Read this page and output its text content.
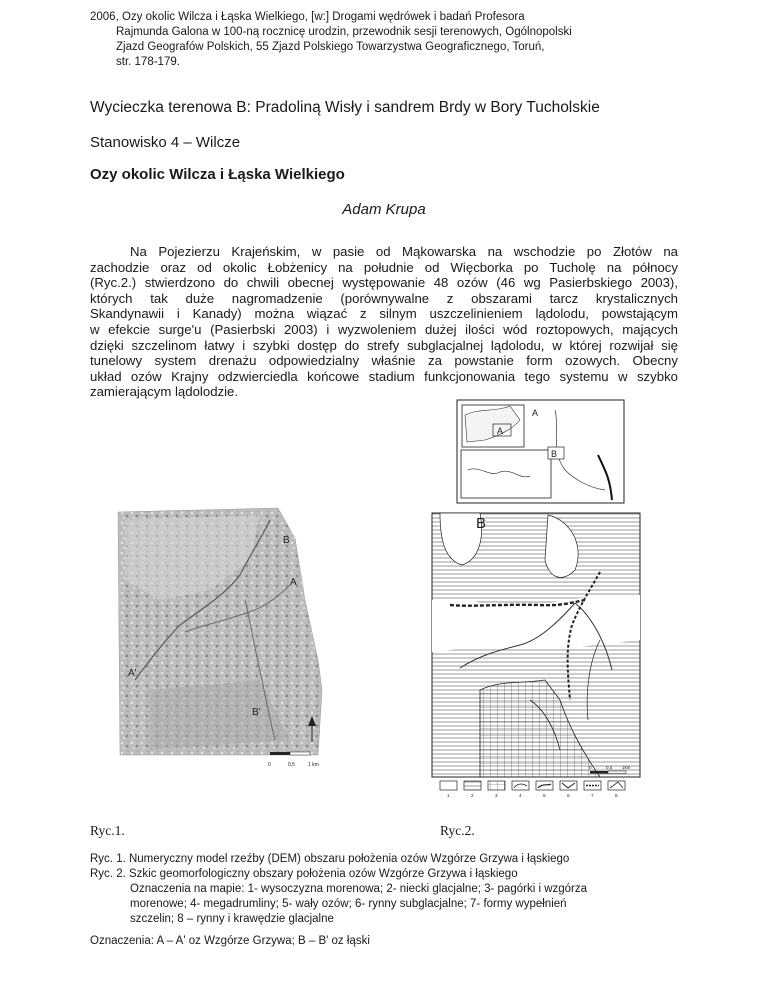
2006, Ozy okolic Wilcza i Łąska Wielkiego, [w:] Drogami wędrówek i badań Profesora
Rajmunda Galona w 100-ną rocznicę urodzin, przewodnik sesji terenowych, Ogólnopolski
Zjazd Geografów Polskich, 55 Zjazd Polskiego Towarzystwa Geograficznego, Toruń,
str. 178-179.
Wycieczka terenowa B: Pradoliną Wisły i sandrem Brdy w Bory Tucholskie
Stanowisko 4 – Wilcze
Ozy okolic Wilcza i Łąska Wielkiego
Adam Krupa
Na Pojezierzu Krajeńskim, w pasie od Mąkowarska na wschodzie po Złotów na
zachodzie oraz od okolic Łobżenicy na południe od Więcborka po Tucholę na północy
(Ryc.2.) stwierdzono do chwili obecnej występowanie 48 ozów (46 wg Pasierbskiego 2003),
których tak duże nagromadzenie (porównywalne z obszarami tarcz krystalicznych
Skandynawii i Kanady) można wiązać z silnym uszczelinieniem lądolodu, powstającym
w efekcie surge'u (Pasierbski 2003) i wyzwoleniem dużej ilości wód roztopowych, mających
dzięki szczelinom łatwy i szybki dostęp do strefy subglacjalnej lądolodu, w której rozwijał się
tunelowy system drenażu odpowiedzialny właśnie za powstanie form ozowych. Obecny
układ ozów Krajny odzwierciedla końcowe stadium funkcjonowania tego systemu w szybko
zamierającym lądolodzie.
B
A
A'
B'
0	0,5	1 km
A
A
B
B
0	0,5 1km
1	2	3	4	5	6	7	8
Ryc.1.	Ryc.2.
Ryc. 1. Numeryczny model rzeźby (DEM) obszaru położenia ozów Wzgórze Grzywa i łąskiego
Ryc. 2. Szkic geomorfologiczny obszary położenia ozów Wzgórze Grzywa i łąskiego
Oznaczenia na mapie: 1- wysoczyzna morenowa; 2- niecki glacjalne; 3- pagórki i wzgórza
morenowe; 4- megadrumliny; 5- wały ozów; 6- rynny subglacjalne; 7- formy wypełnień
szczelin; 8 – rynny i krawędzie glacjalne
Oznaczenia: A – A' oz Wzgórze Grzywa; B – B' oz łąski
